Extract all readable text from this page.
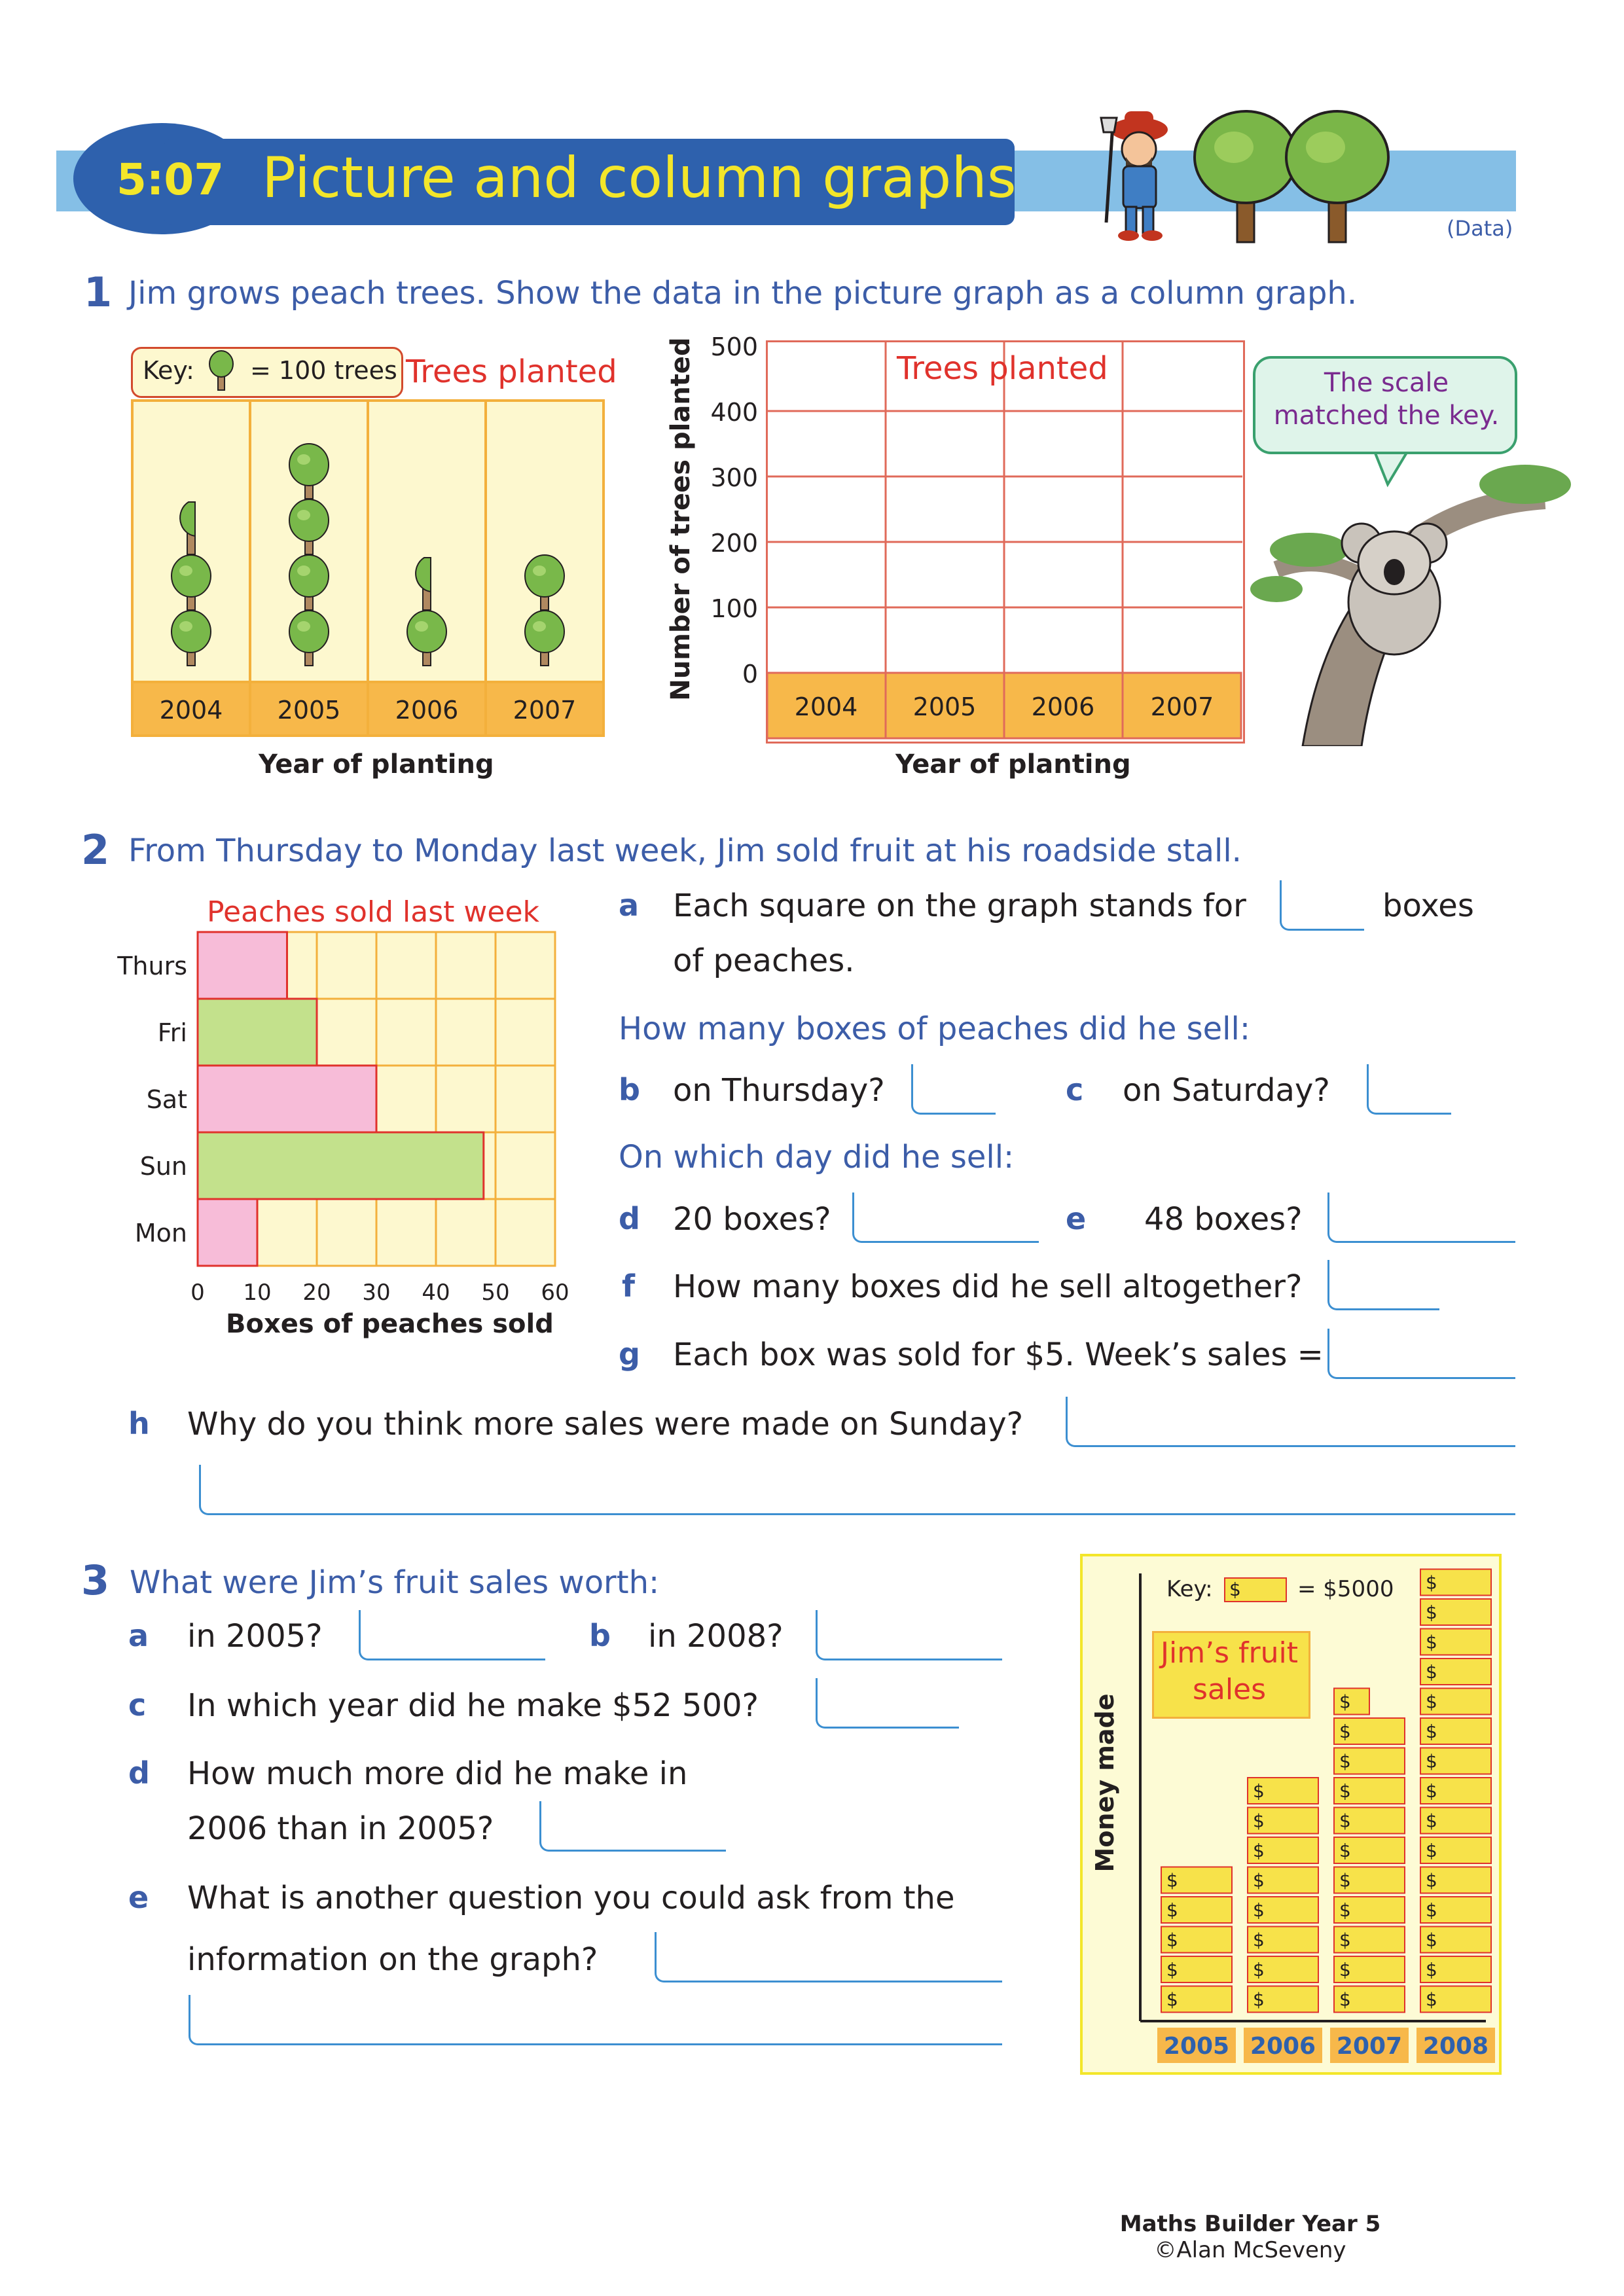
5:07 Picture and column graphs
(Data)
1 Jim grows peach trees. Show the data in the picture graph as a column graph.
Key: = 100 trees Trees planted
2004 2005 2006 2007
Year of planting
2004 2005 2006 2007
Trees planted
500
400
300
200
100
0
Number of trees planted
Year of planting
The scale
matched the key.
2 From Thursday to Monday last week, Jim sold fruit at his roadside stall.
Peaches sold last week
Thurs
Fri
Sat
Sun
Mon
0 10 20 30 40 50 60
Boxes of peaches sold
a Each square on the graph stands for	boxes
of peaches.
How many boxes of peaches did he sell:
b on Thursday?	c on Saturday?
On which day did he sell:
d 20 boxes?	e 48 boxes?
f How many boxes did he sell altogether?
g Each box was sold for $5. Week’s sales =
h Why do you think more sales were made on Sunday?
3 What were Jim’s fruit sales worth:
a in 2005?	b in 2008?
c In which year did he make $52 500?
d How much more did he make in
2006 than in 2005?
e What is another question you could ask from the
information on the graph?
$
$
$
$
$
$
$
$
$
$
$
$
$
$
$
$
$
$
$
$
$
$
$
$
$
$
$
$
$
$
$
$
$
$
$
$
$
$
$
2005 2006 2007 2008
Key: $	= $5000
Jim’s fruit
sales
Money made
Maths Builder Year 5
©Alan McSeveny
